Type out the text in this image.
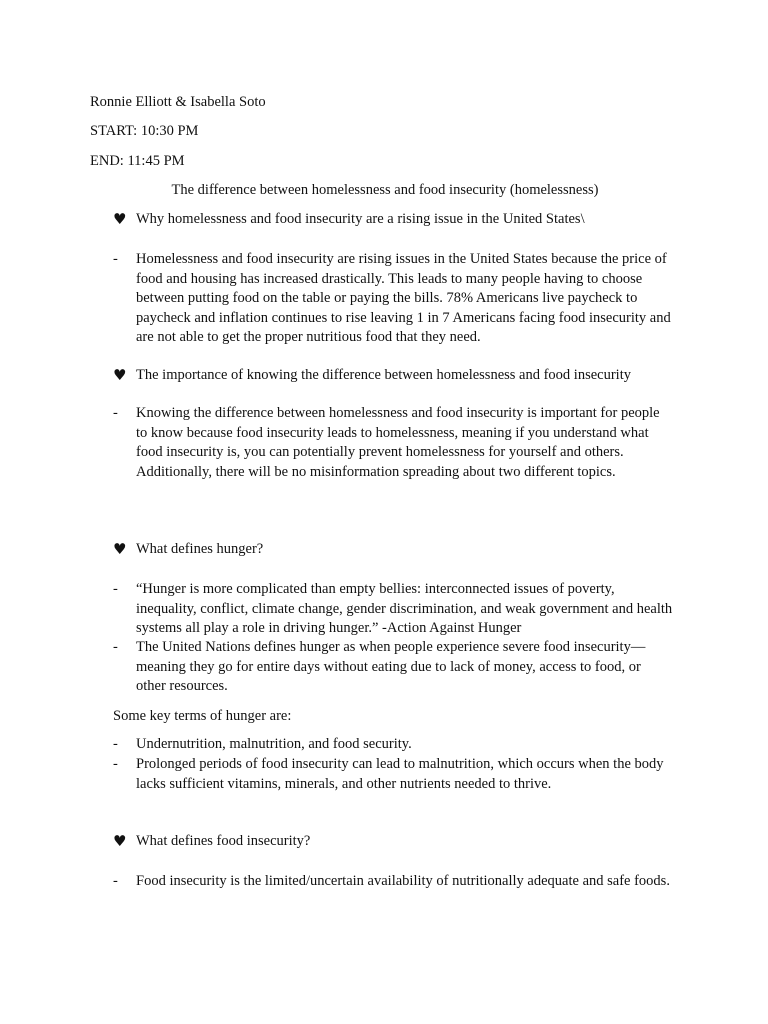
Ronnie Elliott & Isabella Soto
START: 10:30 PM
END: 11:45 PM
The difference between homelessness and food insecurity (homelessness)
♥ Why homelessness and food insecurity are a rising issue in the United States\
-	Homelessness and food insecurity are rising issues in the United States because the price of food and housing has increased drastically. This leads to many people having to choose between putting food on the table or paying the bills. 78% Americans live paycheck to paycheck and inflation continues to rise leaving 1 in 7 Americans facing food insecurity and are not able to get the proper nutritious food that they need.
♥ The importance of knowing the difference between homelessness and food insecurity
-	Knowing the difference between homelessness and food insecurity is important for people to know because food insecurity leads to homelessness, meaning if you understand what food insecurity is, you can potentially prevent homelessness for yourself and others. Additionally, there will be no misinformation spreading about two different topics.
♥ What defines hunger?
-	“Hunger is more complicated than empty bellies: interconnected issues of poverty, inequality, conflict, climate change, gender discrimination, and weak government and health systems all play a role in driving hunger.” -Action Against Hunger
-	The United Nations defines hunger as when people experience severe food insecurity—meaning they go for entire days without eating due to lack of money, access to food, or other resources.
Some key terms of hunger are:
-	Undernutrition, malnutrition, and food security.
-	Prolonged periods of food insecurity can lead to malnutrition, which occurs when the body lacks sufficient vitamins, minerals, and other nutrients needed to thrive.
♥ What defines food insecurity?
-	Food insecurity is the limited/uncertain availability of nutritionally adequate and safe foods.
